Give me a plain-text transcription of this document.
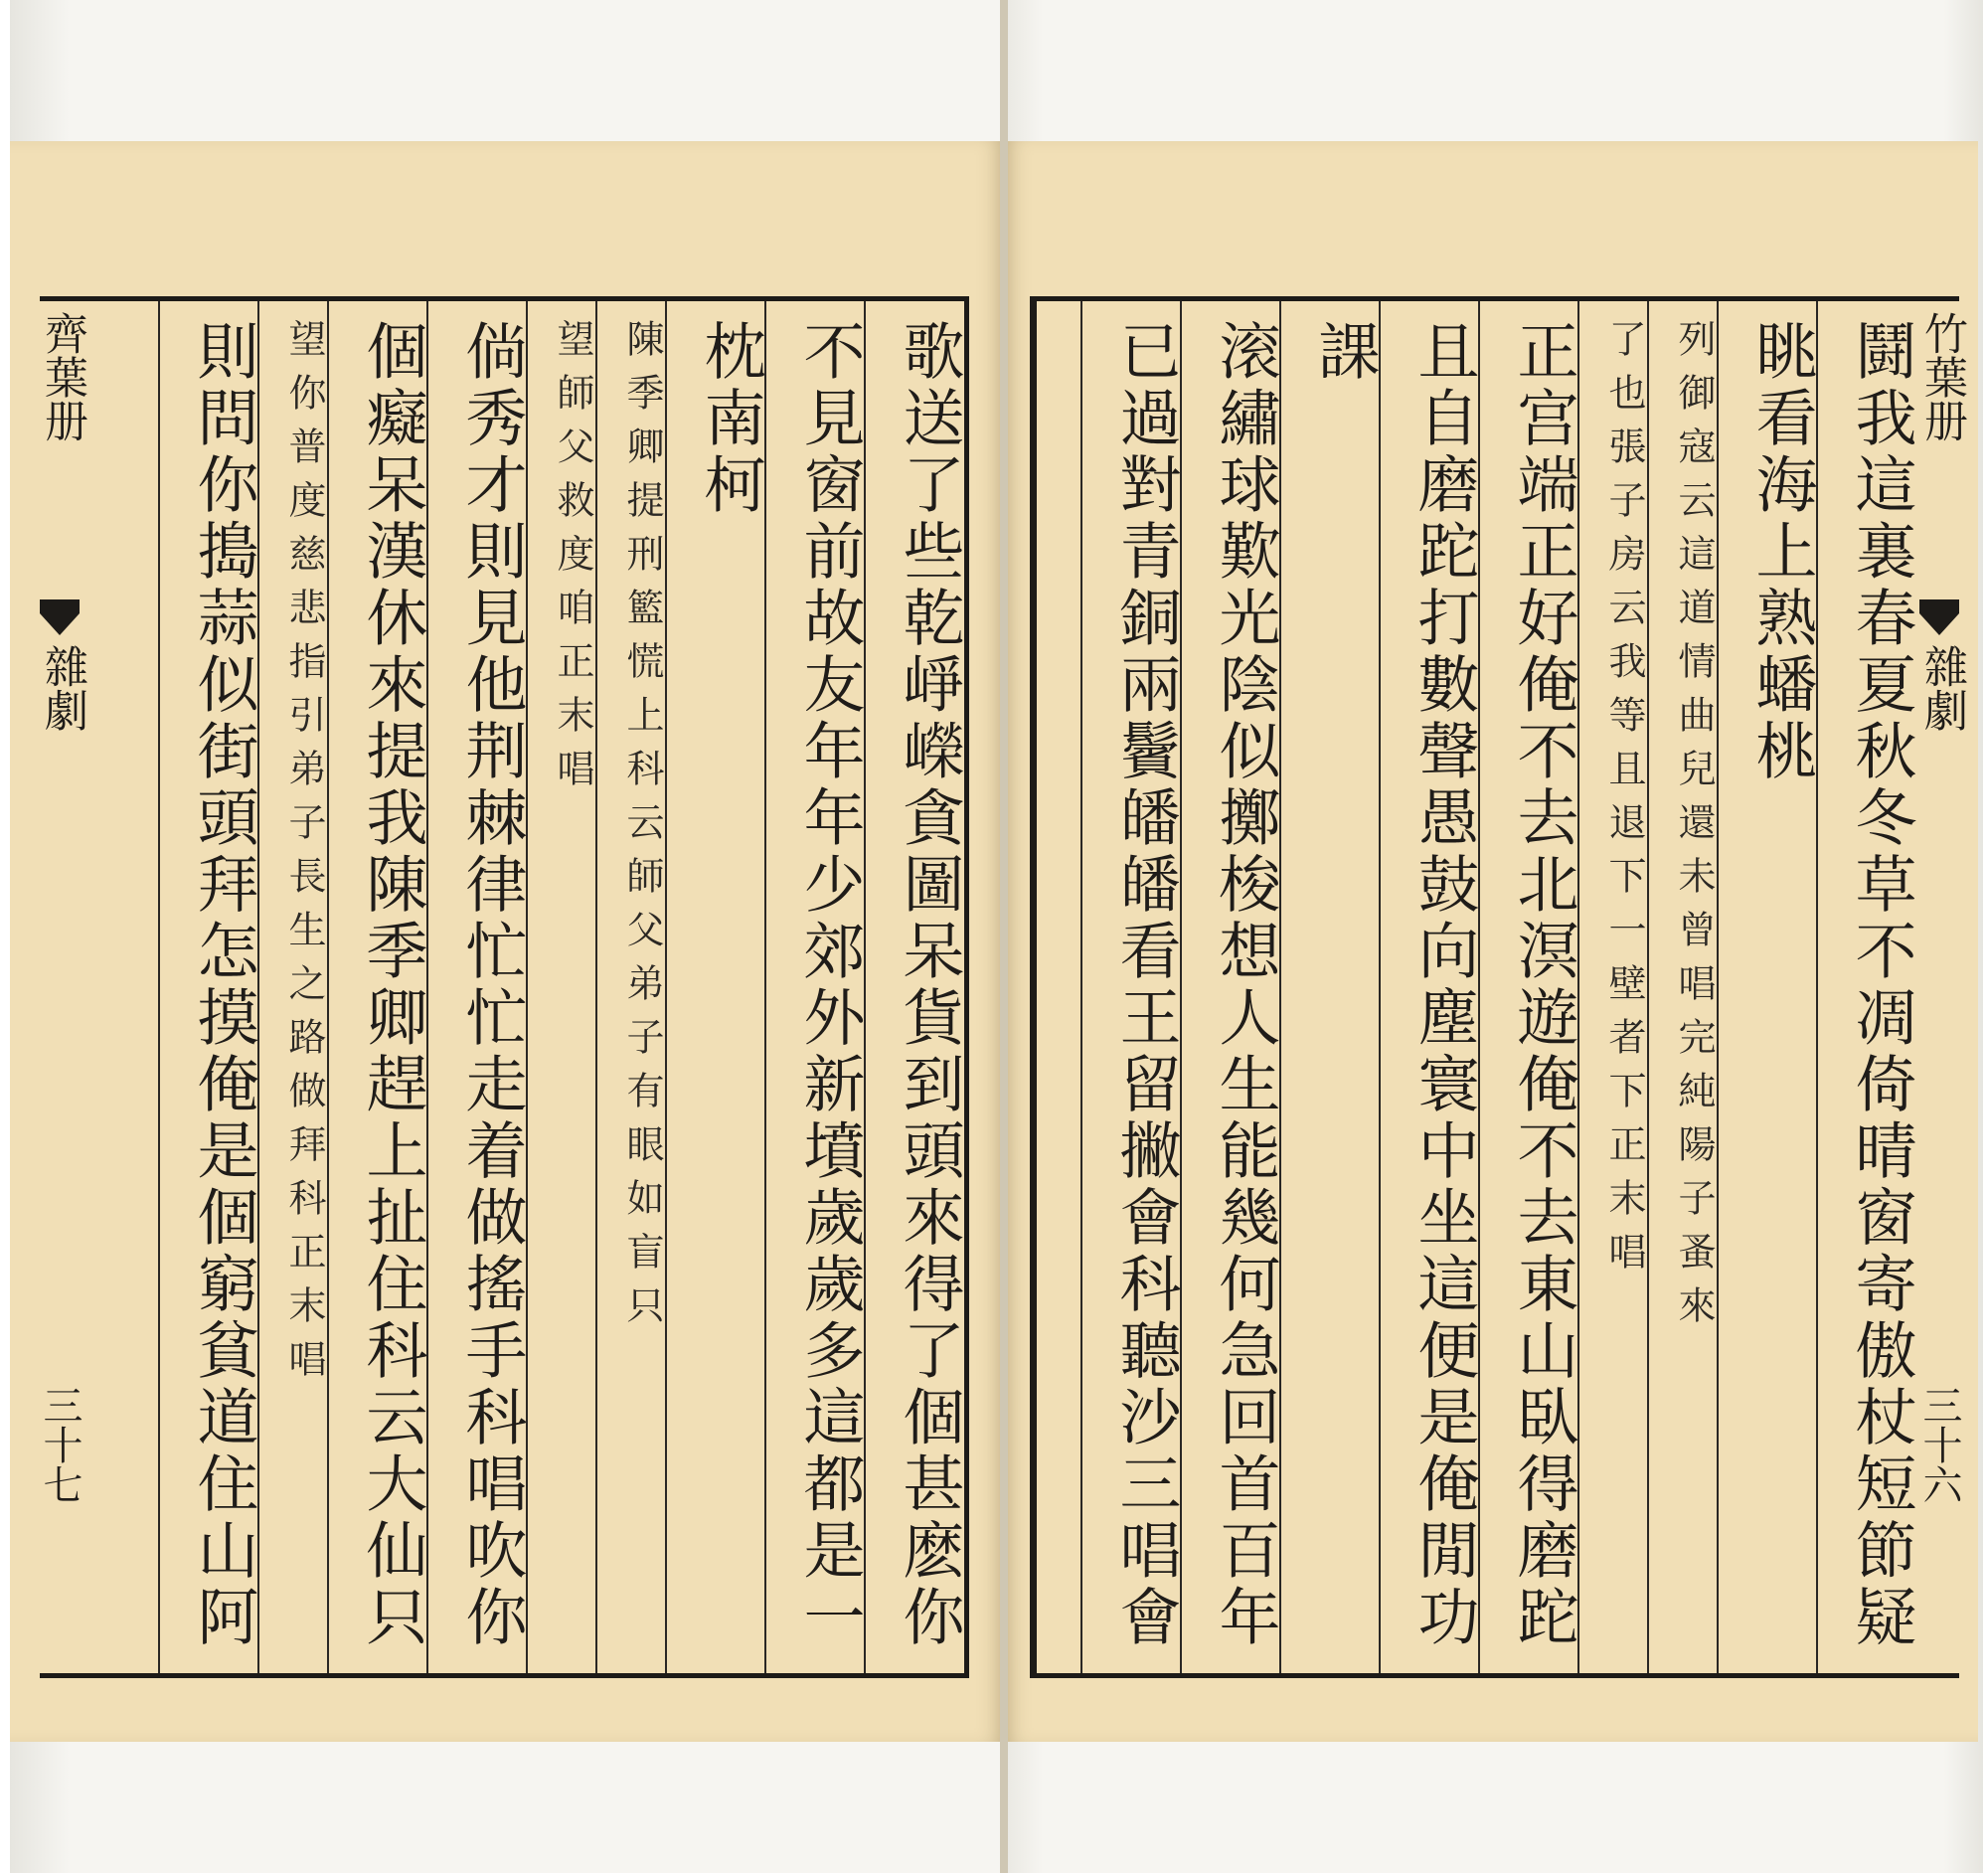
齊葉册
雜劇
三十七	歌送了些乾崢嶸貪圖呆貨到頭來得了個甚麽你
不見窗前故友年年少郊外新墳歲歲多這都是一
枕南柯
陳季卿提刑籃慌上科云師父弟子有眼如盲只
望師父救度咱正末唱
倘秀才則見他荆棘律忙忙走着做搖手科唱吹你
個癡呆漢休來提我陳季卿趕上扯住科云大仙只
望你普度慈悲指引弟子長生之路做拜科正末唱
則問你搗蒜似街頭拜怎摸俺是個窮貧道住山阿	竹葉册
雜劇
三十六
鬪我這裏春夏秋冬草不凋倚晴窗寄傲杖短節疑
眺看海上熟蟠桃
列御寇云這道情曲兒還未曾唱完純陽子蚤來
了也張子房云我等且退下一壁者下正末唱
正宫端正好俺不去北溟遊俺不去東山臥得磨跎
且自磨跎打數聲愚鼓向塵寰中坐這便是俺閒功
課
滚繡球歎光陰似擲梭想人生能幾何急回首百年
已過對青銅兩鬢皤皤看王留撇會科聽沙三唱會
